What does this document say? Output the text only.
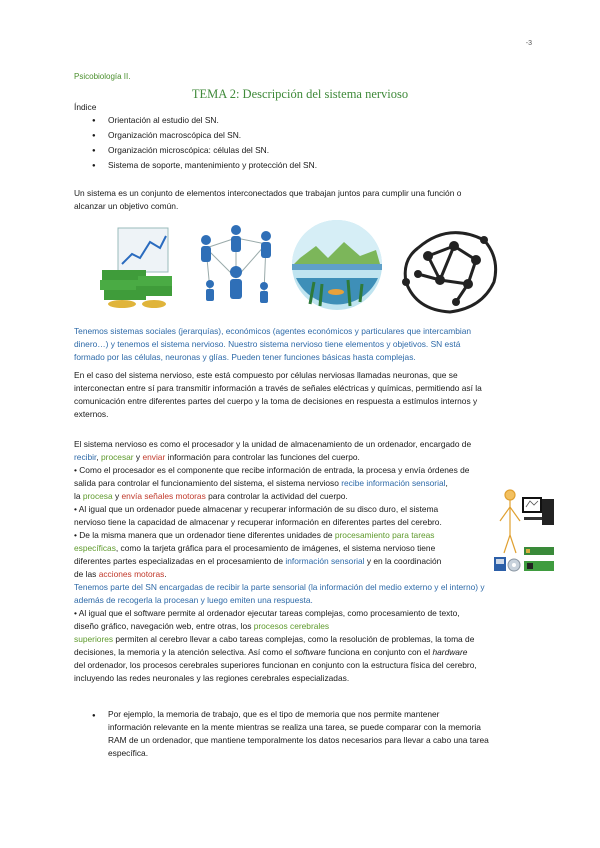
-3
Psicobiología II.
TEMA 2: Descripción del sistema nervioso
Índice
● Orientación al estudio del SN.
● Organización macroscópica del SN.
● Organización microscópica: células del SN.
● Sistema de soporte, mantenimiento y protección del SN.
Un sistema es un conjunto de elementos interconectados que trabajan juntos para cumplir una función o
alcanzar un objetivo común.
Tenemos sistemas sociales (jerarquías), económicos (agentes económicos y particulares que intercambian
dinero…) y tenemos el sistema nervioso. Nuestro sistema nervioso tiene elementos y objetivos. SN está
formado por las células, neuronas y glías. Pueden tener funciones básicas hasta complejas.
En el caso del sistema nervioso, este está compuesto por células nerviosas llamadas neuronas, que se
interconectan entre sí para transmitir información a través de señales eléctricas y químicas, permitiendo así la
comunicación entre diferentes partes del cuerpo y la toma de decisiones en respuesta a estímulos internos y
externos.
El sistema nervioso es como el procesador y la unidad de almacenamiento de un ordenador, encargado de
recibir, procesar y enviar información para controlar las funciones del cuerpo.
• Como el procesador es el componente que recibe información de entrada, la procesa y envía órdenes de
salida para controlar el funcionamiento del sistema, el sistema nervioso recibe información sensorial,
la procesa y envía señales motoras para controlar la actividad del cuerpo.
• Al igual que un ordenador puede almacenar y recuperar información de su disco duro, el sistema
nervioso tiene la capacidad de almacenar y recuperar información en diferentes partes del cerebro.
• De la misma manera que un ordenador tiene diferentes unidades de procesamiento para tareas
específicas, como la tarjeta gráfica para el procesamiento de imágenes, el sistema nervioso tiene
diferentes partes especializadas en el procesamiento de información sensorial y en la coordinación
de las acciones motoras.
Tenemos parte del SN encargadas de recibir la parte sensorial (la información del medio externo y el interno) y
además de recogerla la procesan y luego emiten una respuesta.
• Al igual que el software permite al ordenador ejecutar tareas complejas, como procesamiento de texto,
diseño gráfico, navegación web, entre otras, los procesos cerebrales
superiores permiten al cerebro llevar a cabo tareas complejas, como la resolución de problemas, la toma de
decisiones, la memoria y la atención selectiva. Así como el software funciona en conjunto con el hardware
del ordenador, los procesos cerebrales superiores funcionan en conjunto con la estructura física del cerebro,
incluyendo las redes neuronales y las regiones cerebrales especializadas.
Por ejemplo, la memoria de trabajo, que es el tipo de memoria que nos permite mantener
información relevante en la mente mientras se realiza una tarea, se puede comparar con la memoria
RAM de un ordenador, que mantiene temporalmente los datos necesarios para llevar a cabo una tarea
específica.
●
